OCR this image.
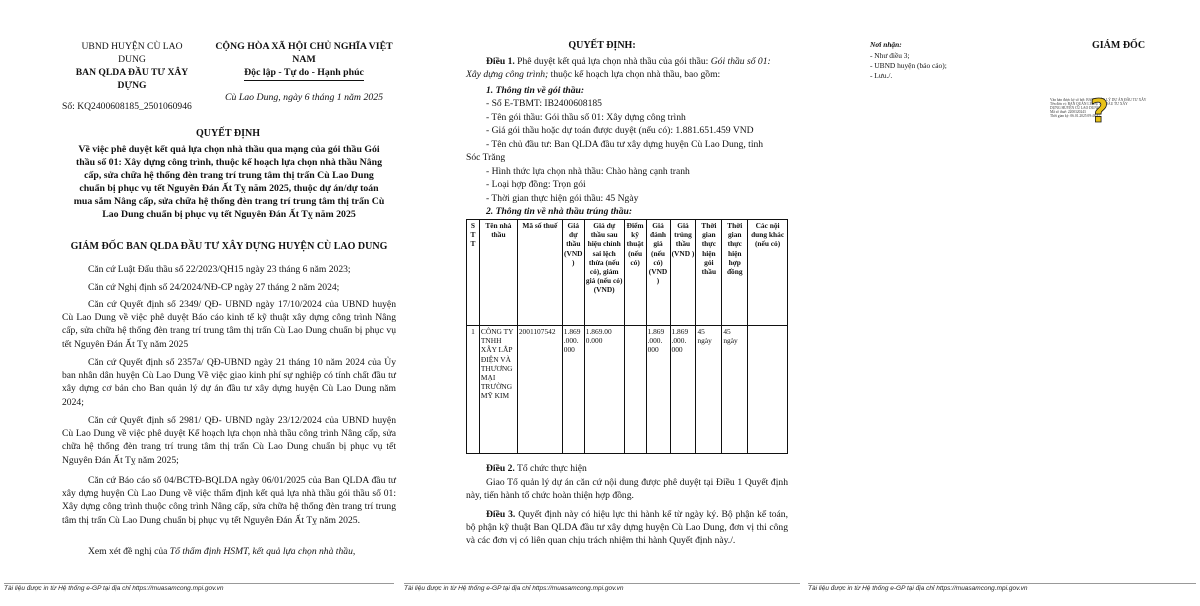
UBND HUYỆN CÙ LAO
DUNG
BAN QLDA ĐẦU TƯ XÂY
DỰNG
CỘNG HÒA XÃ HỘI CHỦ NGHĨA VIỆT NAM
Độc lập - Tự do - Hạnh phúc
Cù Lao Dung, ngày 6 tháng 1 năm 2025
Số: KQ2400608185_2501060946
QUYẾT ĐỊNH
Về việc phê duyệt kết quả lựa chọn nhà thầu qua mạng của gói thầu Gói
thầu số 01: Xây dựng công trình, thuộc kế hoạch lựa chọn nhà thầu Nâng
cấp, sửa chữa hệ thống đèn trang trí trung tâm thị trấn Cù Lao Dung
chuẩn bị phục vụ tết Nguyên Đán Ất Tỵ năm 2025, thuộc dự án/dự toán
mua sắm Nâng cấp, sửa chữa hệ thống đèn trang trí trung tâm thị trấn Cù
Lao Dung chuẩn bị phục vụ tết Nguyên Đán Ất Tỵ năm 2025
GIÁM ĐỐC BAN QLDA ĐẦU TƯ XÂY DỰNG HUYỆN CÙ LAO DUNG
Căn cứ Luật Đấu thầu số 22/2023/QH15 ngày 23 tháng 6 năm 2023;
Căn cứ Nghị định số 24/2024/NĐ-CP ngày 27 tháng 2 năm 2024;
Căn cứ Quyết định số 2349/ QĐ- UBND ngày 17/10/2024 của UBND huyện Cù Lao Dung về việc phê duyệt Báo cáo kinh tế kỹ thuật xây dựng công trình Nâng cấp, sửa chữa hệ thống đèn trang trí trung tâm thị trấn Cù Lao Dung chuẩn bị phục vụ tết Nguyên Đán Ất Tỵ năm 2025
Căn cứ Quyết định số 2357a/ QĐ-UBND ngày 21 tháng 10 năm 2024 của Ủy ban nhân dân huyện Cù Lao Dung Về việc giao kinh phí sự nghiệp có tính chất đầu tư xây dựng cơ bản cho Ban quản lý dự án đầu tư xây dựng huyện Cù Lao Dung năm 2024;
Căn cứ Quyết định số 2981/ QĐ- UBND ngày 23/12/2024 của UBND huyện Cù Lao Dung về việc phê duyệt Kế hoạch lựa chọn nhà thầu công trình Nâng cấp, sửa chữa hệ thống đèn trang trí trung tâm thị trấn Cù Lao Dung chuẩn bị phục vụ tết Nguyên Đán Ất Tỵ năm 2025;
Căn cứ Báo cáo số 04/BCTĐ-BQLDA ngày 06/01/2025 của Ban QLDA đầu tư xây dựng huyện Cù Lao Dung về việc thẩm định kết quả lựa nhà thầu gói thầu số 01: Xây dựng công trình thuộc công trình Nâng cấp, sửa chữa hệ thống đèn trang trí trung tâm thị trấn Cù Lao Dung chuẩn bị phục vụ tết Nguyên Đán Ất Tỵ năm 2025.
Xem xét đề nghị của Tổ thẩm định HSMT, kết quả lựa chọn nhà thầu,
Tài liệu được in từ Hệ thống e-GP tại địa chỉ https://muasamcong.mpi.gov.vn
QUYẾT ĐỊNH:
Điều 1. Phê duyệt kết quả lựa chọn nhà thầu của gói thầu: Gói thầu số 01: Xây dựng công trình; thuộc kế hoạch lựa chọn nhà thầu, bao gồm:
1. Thông tin về gói thầu:
- Số E-TBMT: IB2400608185
- Tên gói thầu: Gói thầu số 01: Xây dựng công trình
- Giá gói thầu hoặc dự toán được duyệt (nếu có): 1.881.651.459 VND
- Tên chủ đầu tư: Ban QLDA đầu tư xây dựng huyện Cù Lao Dung, tỉnh
Sóc Trăng
- Hình thức lựa chọn nhà thầu: Chào hàng cạnh tranh
- Loại hợp đồng: Trọn gói
- Thời gian thực hiện gói thầu: 45 Ngày
2. Thông tin về nhà thầu trúng thầu:
S T T	Tên nhà thầu	Mã số thuế	Giá dự thầu (VND )	Giá dự thầu sau hiệu chỉnh sai lệch thừa (nếu có), giảm giá (nếu có) (VND)	Điểm kỹ thuật (nếu có)	Giá đánh giá (nếu có) (VND )	Giá trúng thầu (VND )	Thời gian thực hiện gói thầu	Thời gian thực hiện hợp đồng	Các nội dung khác (nếu có)
1	CÔNG TY TNHH XÂY LẮP ĐIỆN VÀ THƯƠNG MẠI TRƯỜNG MỸ KIM	2001107542	1.869 .000. 000	1.869.00 0.000		1.869 .000. 000	1.869 .000. 000	45 ngày	45 ngày	
Điều 2. Tổ chức thực hiện
Giao Tổ quản lý dự án căn cứ nội dung được phê duyệt tại Điều 1 Quyết định này, tiến hành tổ chức hoàn thiện hợp đồng.
Điều 3. Quyết định này có hiệu lực thi hành kể từ ngày ký. Bộ phận kế toán, bộ phận kỹ thuật Ban QLDA đầu tư xây dựng huyện Cù Lao Dung, đơn vị thi công và các đơn vị có liên quan chịu trách nhiệm thi hành Quyết định này./.
Tài liệu được in từ Hệ thống e-GP tại địa chỉ https://muasamcong.mpi.gov.vn
Nơi nhận:
- Như điều 3;
- UBND huyện (báo cáo);
- Lưu./.
GIÁM ĐỐC
Văn bản được ký số bởi: BAN QUẢN LÝ DỰ ÁN ĐẦU TƯ XÂY
Tên đơn vị: BAN QUẢN LÝ DỰ ÁN ĐẦU TƯ XÂY
DỰNG HUYỆN CÙ LAO DUNG
Mã số thuế: 2200320243
Thời gian ký: 06.01.2025 09:48:47
?
Tài liệu được in từ Hệ thống e-GP tại địa chỉ https://muasamcong.mpi.gov.vn
